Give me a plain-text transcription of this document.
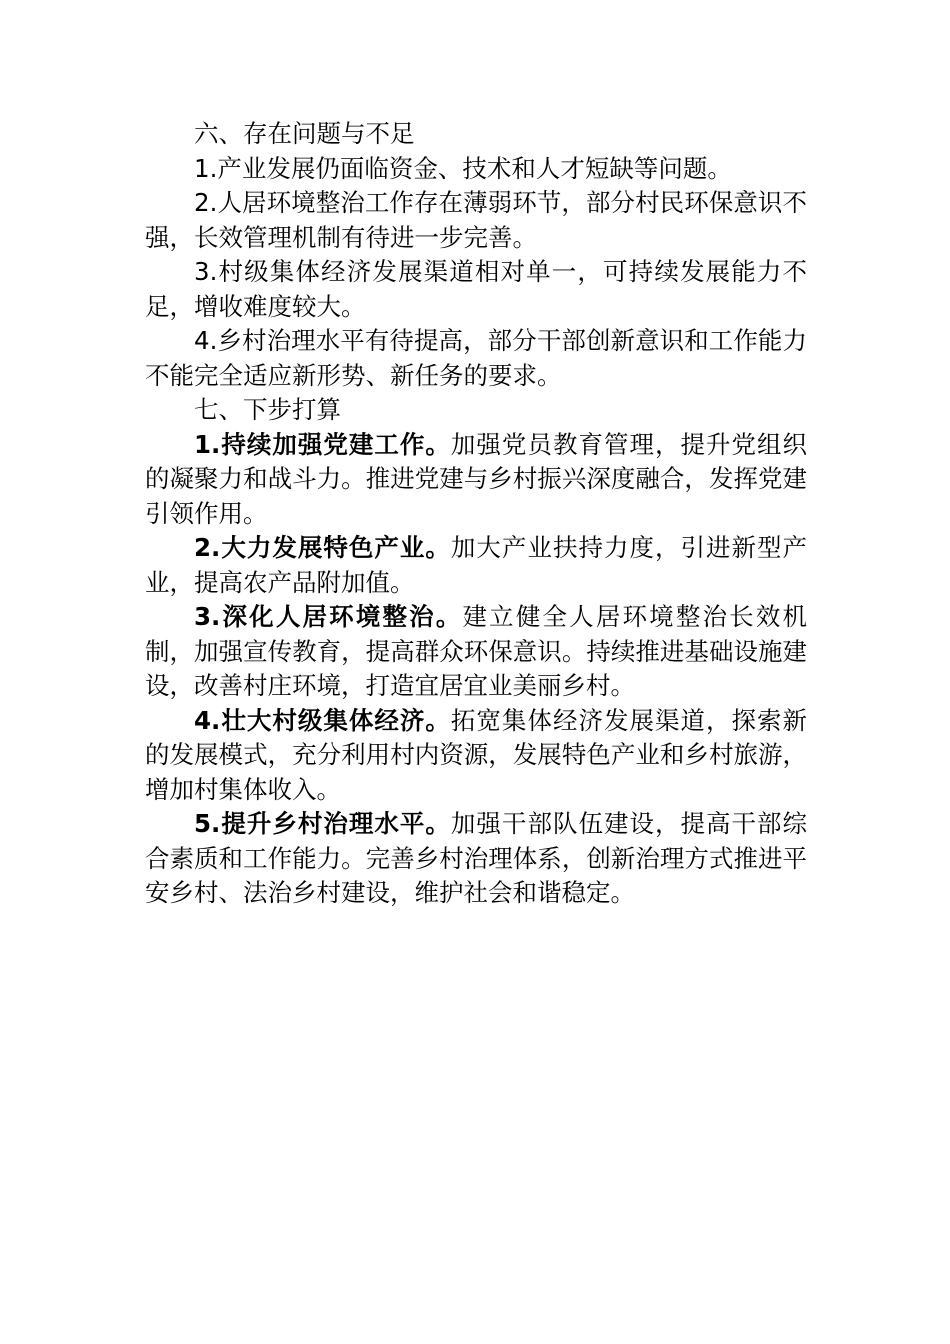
六、存在问题与不足

1.产业发展仍面临资金、技术和人才短缺等问题。

2.人居环境整治工作存在薄弱环节，部分村民环保意识不强，长效管理机制有待进一步完善。

3.村级集体经济发展渠道相对单一，可持续发展能力不足，增收难度较大。

4.乡村治理水平有待提高，部分干部创新意识和工作能力不能完全适应新形势、新任务的要求。

七、下步打算

1.持续加强党建工作。加强党员教育管理，提升党组织的凝聚力和战斗力。推进党建与乡村振兴深度融合，发挥党建引领作用。

2.大力发展特色产业。加大产业扶持力度，引进新型产业，提高农产品附加值。

3.深化人居环境整治。建立健全人居环境整治长效机制，加强宣传教育，提高群众环保意识。持续推进基础设施建设，改善村庄环境，打造宜居宜业美丽乡村。

4.壮大村级集体经济。拓宽集体经济发展渠道，探索新的发展模式，充分利用村内资源，发展特色产业和乡村旅游，增加村集体收入。

5.提升乡村治理水平。加强干部队伍建设，提高干部综合素质和工作能力。完善乡村治理体系，创新治理方式推进平安乡村、法治乡村建设，维护社会和谐稳定。
